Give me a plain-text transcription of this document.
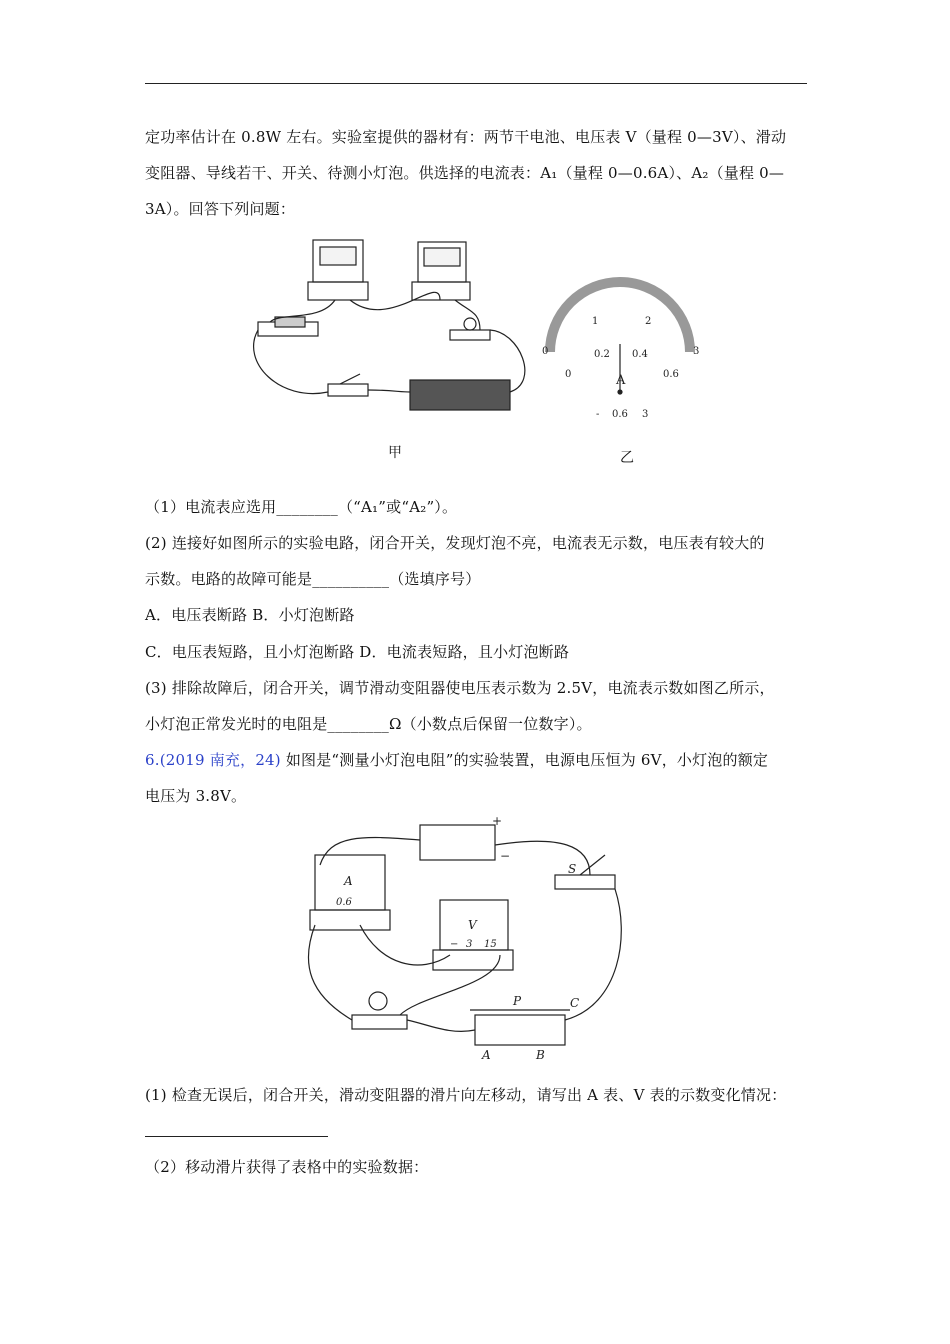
定功率估计在 0.8W 左右。实验室提供的器材有：两节干电池、电压表 V（量程 0—3V）、滑动
变阻器、导线若干、开关、待测小灯泡。供选择的电流表：A₁（量程 0—0.6A）、A₂（量程 0—
3A）。回答下列问题：
0
1	2
3
0.2 0.4
0.6
0	A
- 0.6 3
甲	乙
（1）电流表应选用________（“A₁”或“A₂”）。
(2) 连接好如图所示的实验电路，闭合开关，发现灯泡不亮，电流表无示数，电压表有较大的
示数。电路的故障可能是__________（选填序号）
A．电压表断路 B．小灯泡断路
C．电压表短路，且小灯泡断路 D．电流表短路，且小灯泡断路
(3) 排除故障后，闭合开关，调节滑动变阻器使电压表示数为 2.5V，电流表示数如图乙所示，
小灯泡正常发光时的电阻是________Ω（小数点后保留一位数字）。
6.(2019 南充，24) 如图是“测量小灯泡电阻”的实验装置，电源电压恒为 6V，小灯泡的额定
电压为 3.8V。
+
−
S
A
0.6
V
− 3 15
P	C
A	B
(1) 检查无误后，闭合开关，滑动变阻器的滑片向左移动，请写出 A 表、V 表的示数变化情况：
（2）移动滑片获得了表格中的实验数据：
